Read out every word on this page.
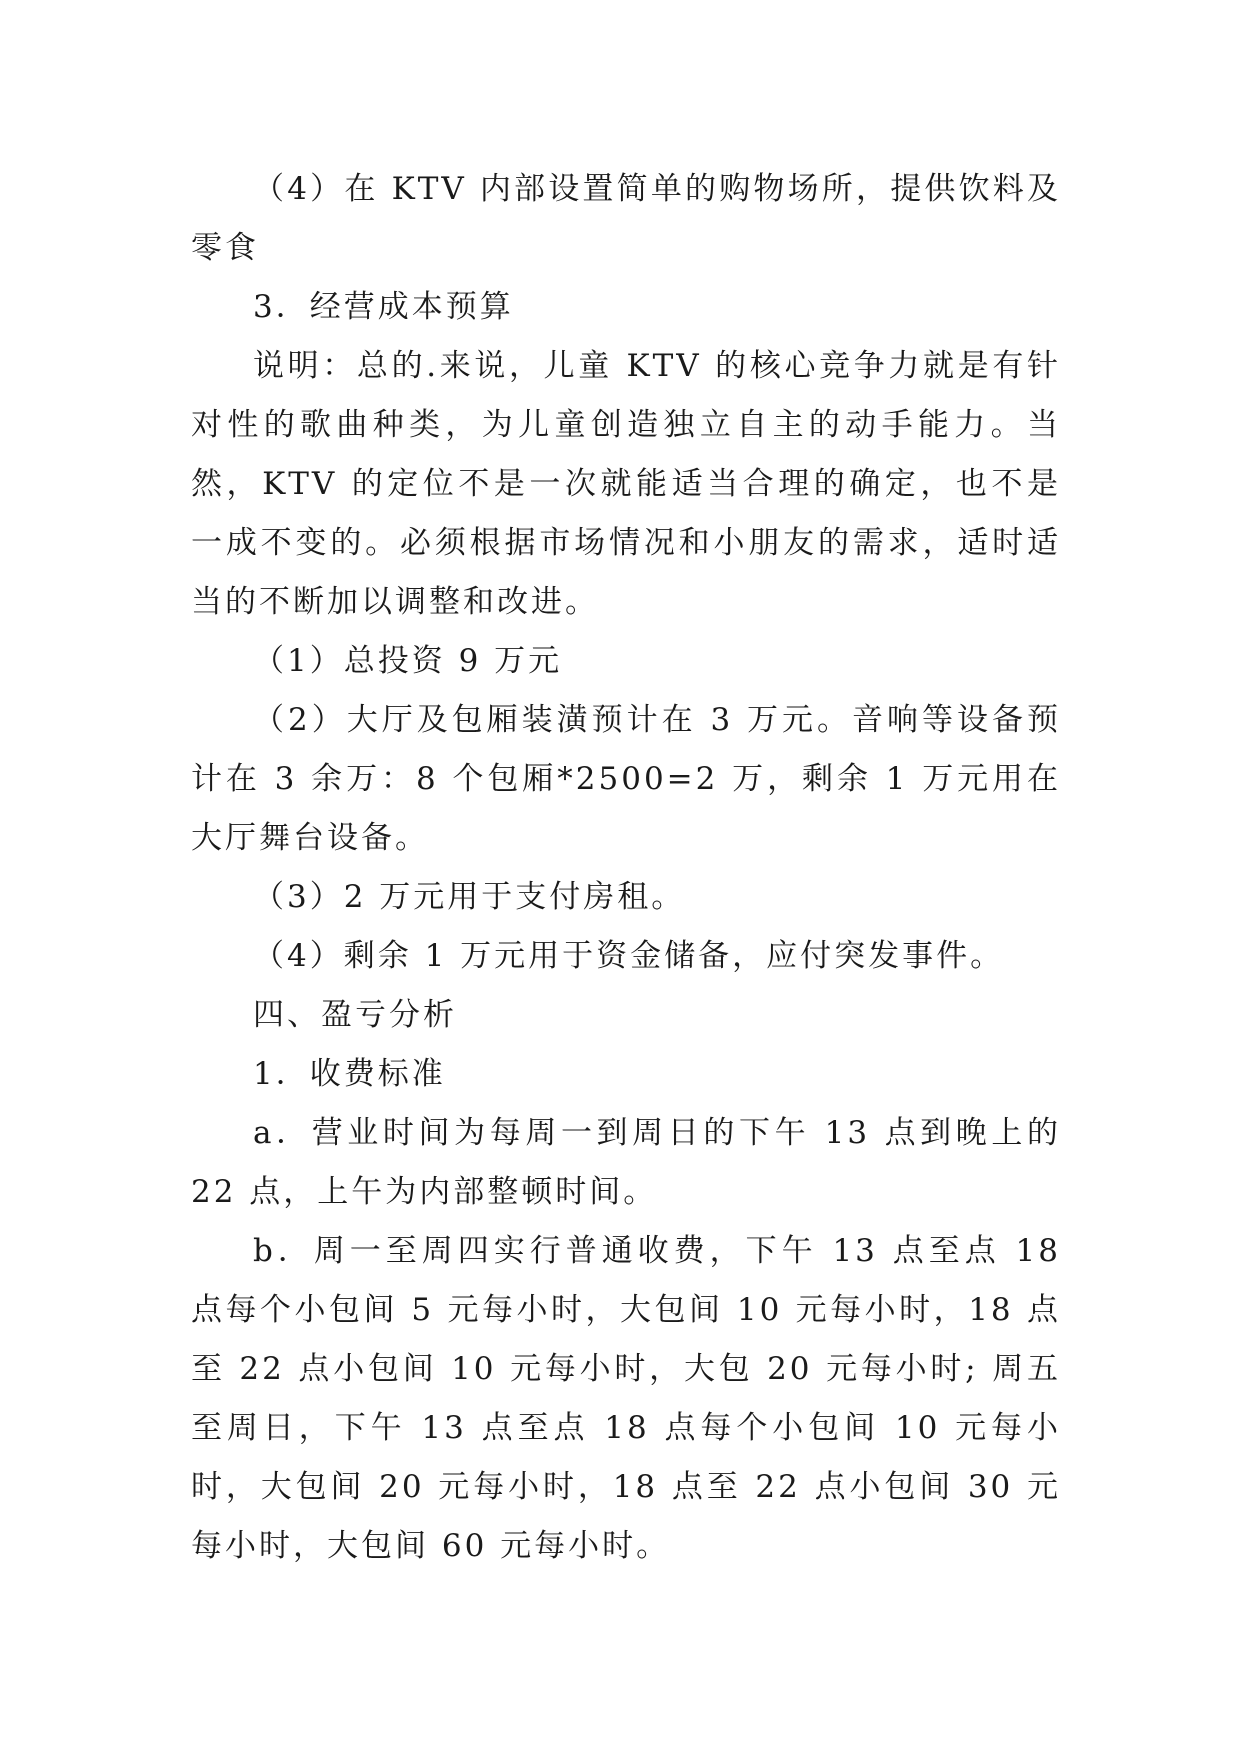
（4）在 KTV 内部设置简单的购物场所，提供饮料及零食

3．经营成本预算

说明：总的.来说，儿童 KTV 的核心竞争力就是有针对性的歌曲种类，为儿童创造独立自主的动手能力。当然，KTV 的定位不是一次就能适当合理的确定，也不是一成不变的。必须根据市场情况和小朋友的需求，适时适当的不断加以调整和改进。

（1）总投资 9 万元

（2）大厅及包厢装潢预计在 3 万元。音响等设备预计在 3 余万：8 个包厢*2500=2 万，剩余 1 万元用在大厅舞台设备。

（3）2 万元用于支付房租。

（4）剩余 1 万元用于资金储备，应付突发事件。

四、盈亏分析

1．收费标准

a．营业时间为每周一到周日的下午 13 点到晚上的 22 点，上午为内部整顿时间。

b．周一至周四实行普通收费，下午 13 点至点 18 点每个小包间 5 元每小时，大包间 10 元每小时，18 点至 22 点小包间 10 元每小时，大包 20 元每小时; 周五至周日，下午 13 点至点 18 点每个小包间 10 元每小时，大包间 20 元每小时，18 点至 22 点小包间 30 元每小时，大包间 60 元每小时。
